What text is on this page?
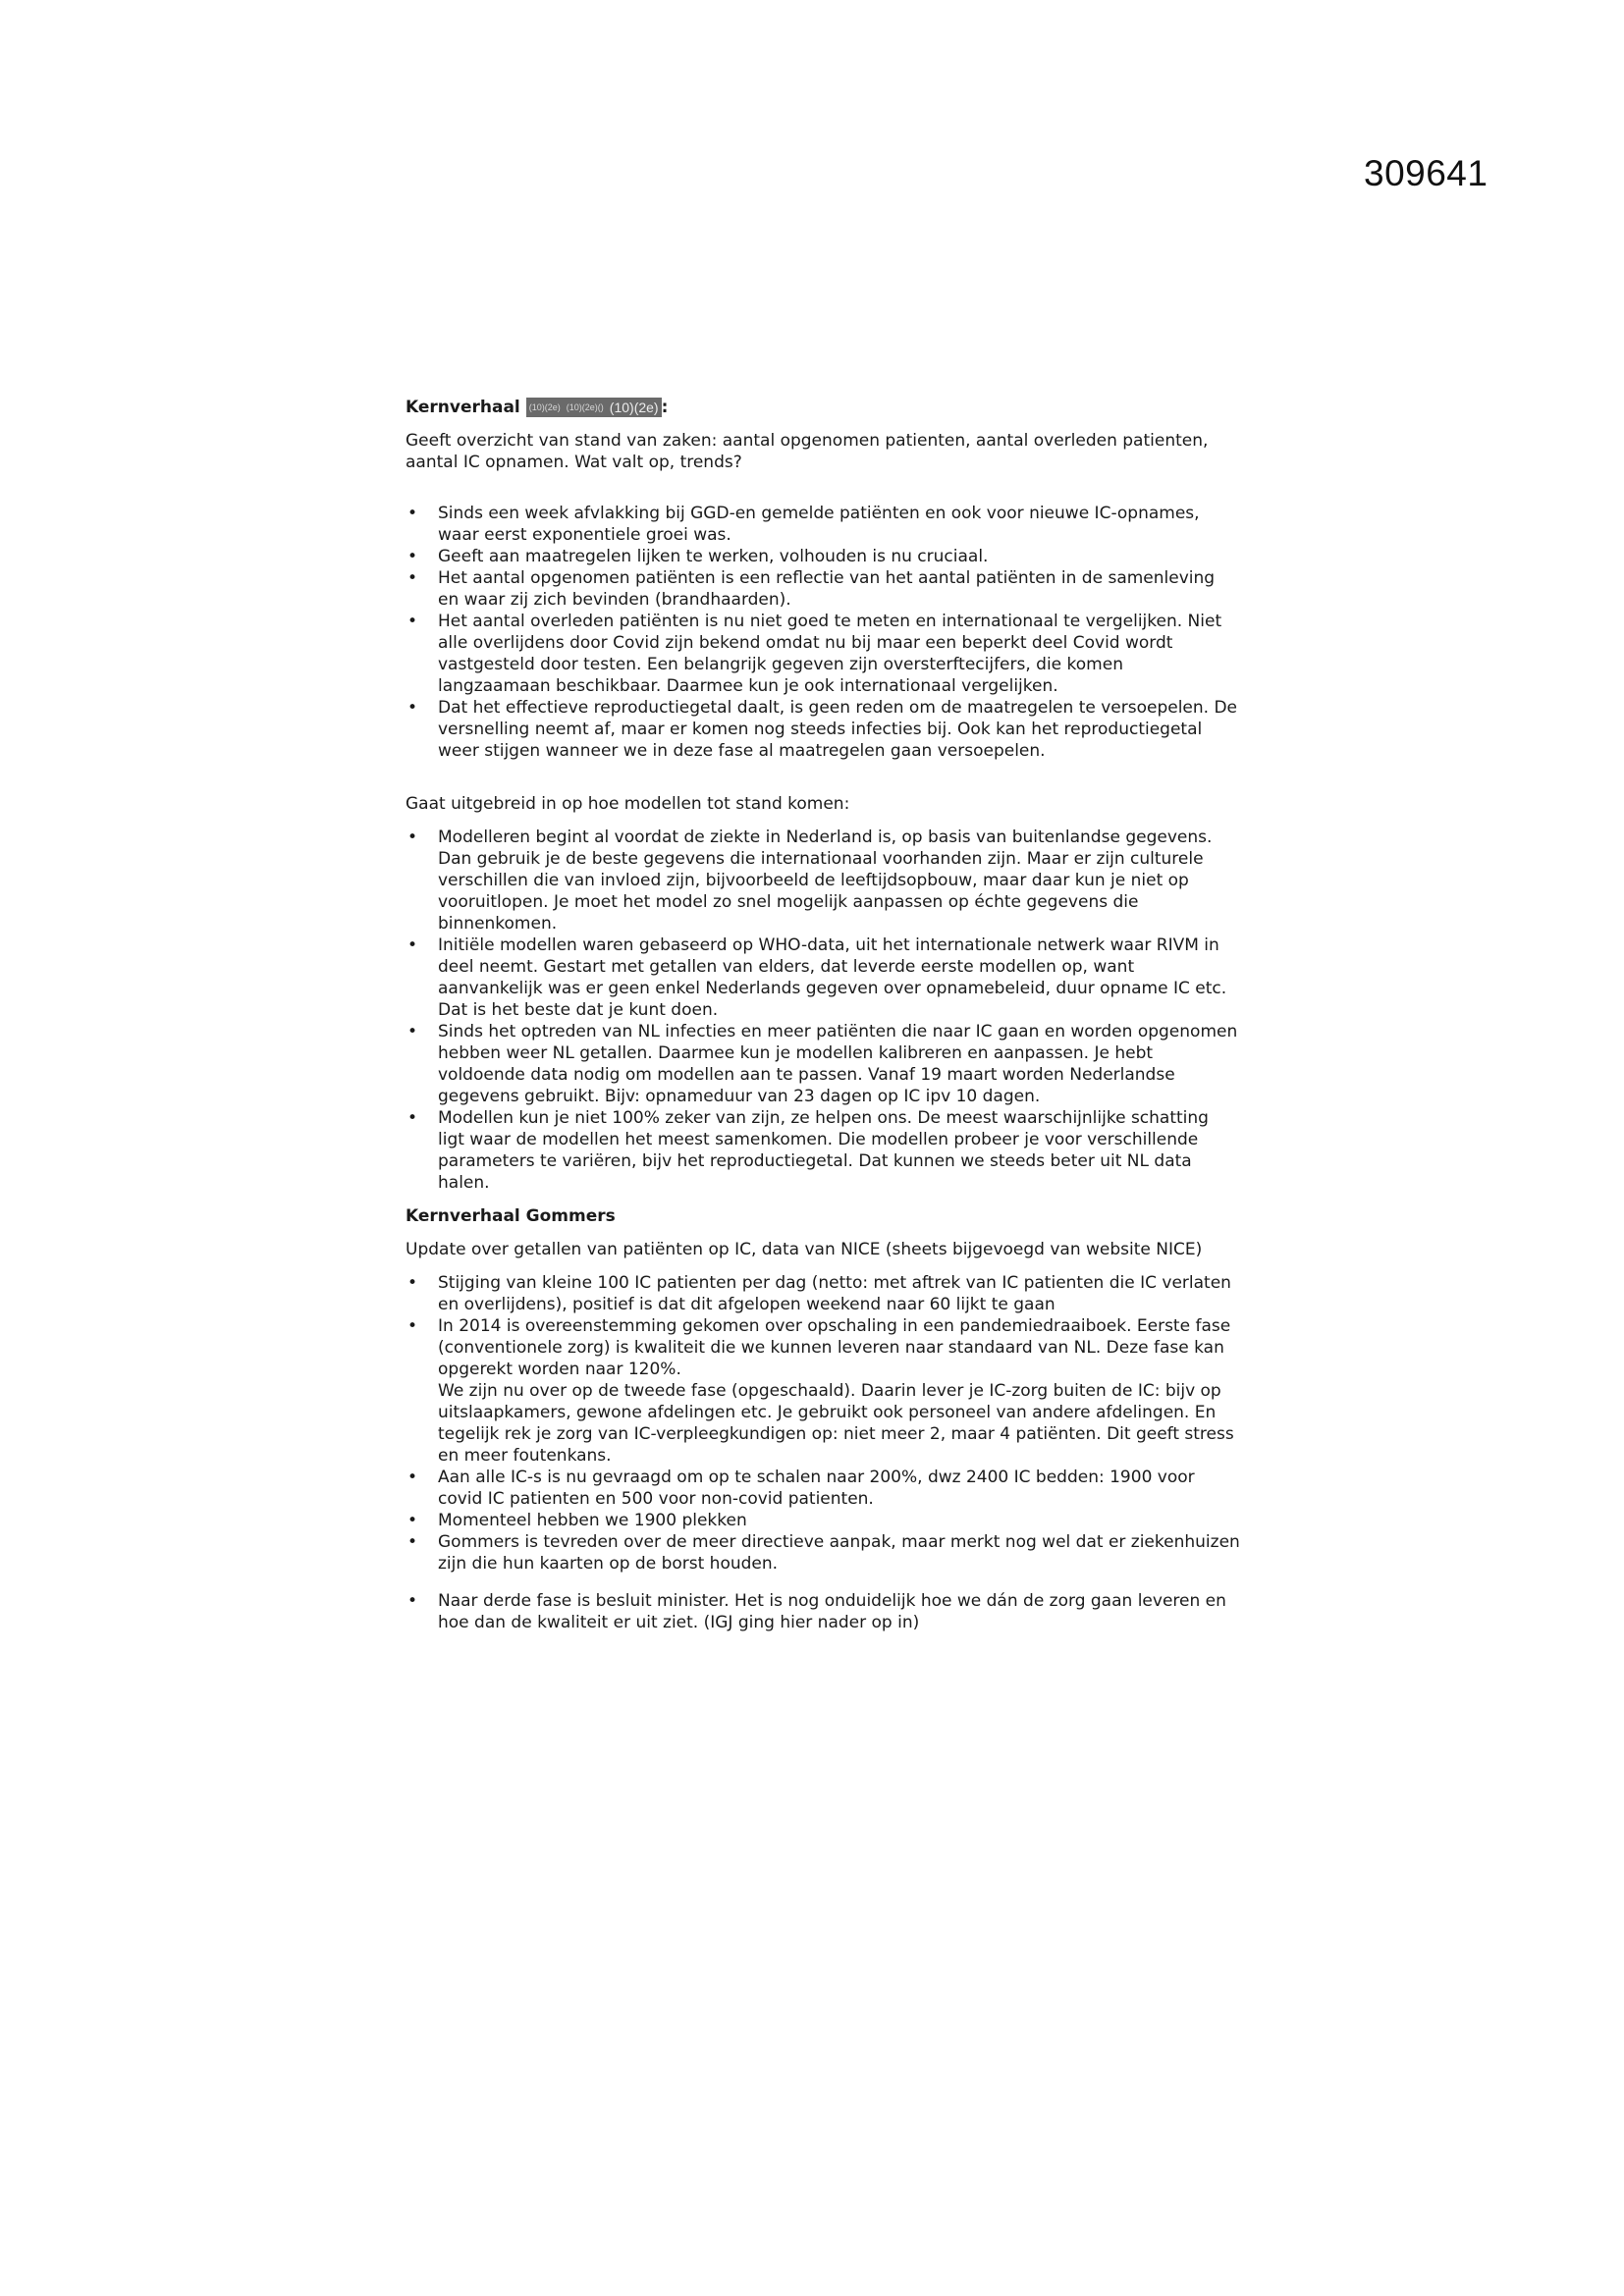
309641

Kernverhaal	(10)(2e) (10)(2e)() (10)(2e) :

Geeft overzicht van stand van zaken: aantal opgenomen patienten, aantal overleden patienten, aantal IC opnamen. Wat valt op, trends?

• Sinds een week afvlakking bij GGD-en gemelde patiënten en ook voor nieuwe IC-opnames, waar eerst exponentiele groei was.
• Geeft aan maatregelen lijken te werken, volhouden is nu cruciaal.
• Het aantal opgenomen patiënten is een reflectie van het aantal patiënten in de samenleving en waar zij zich bevinden (brandhaarden).
• Het aantal overleden patiënten is nu niet goed te meten en internationaal te vergelijken. Niet alle overlijdens door Covid zijn bekend omdat nu bij maar een beperkt deel Covid wordt vastgesteld door testen. Een belangrijk gegeven zijn oversterftecijfers, die komen langzaamaan beschikbaar. Daarmee kun je ook internationaal vergelijken.
• Dat het effectieve reproductiegetal daalt, is geen reden om de maatregelen te versoepelen. De versnelling neemt af, maar er komen nog steeds infecties bij. Ook kan het reproductiegetal weer stijgen wanneer we in deze fase al maatregelen gaan versoepelen.

Gaat uitgebreid in op hoe modellen tot stand komen:

• Modelleren begint al voordat de ziekte in Nederland is, op basis van buitenlandse gegevens. Dan gebruik je de beste gegevens die internationaal voorhanden zijn. Maar er zijn culturele verschillen die van invloed zijn, bijvoorbeeld de leeftijdsopbouw, maar daar kun je niet op vooruitlopen. Je moet het model zo snel mogelijk aanpassen op échte gegevens die binnenkomen.
• Initiële modellen waren gebaseerd op WHO-data, uit het internationale netwerk waar RIVM in deel neemt. Gestart met getallen van elders, dat leverde eerste modellen op, want aanvankelijk was er geen enkel Nederlands gegeven over opnamebeleid, duur opname IC etc. Dat is het beste dat je kunt doen.
• Sinds het optreden van NL infecties en meer patiënten die naar IC gaan en worden opgenomen hebben weer NL getallen. Daarmee kun je modellen kalibreren en aanpassen. Je hebt voldoende data nodig om modellen aan te passen. Vanaf 19 maart worden Nederlandse gegevens gebruikt. Bijv: opnameduur van 23 dagen op IC ipv 10 dagen.
• Modellen kun je niet 100% zeker van zijn, ze helpen ons. De meest waarschijnlijke schatting ligt waar de modellen het meest samenkomen. Die modellen probeer je voor verschillende parameters te variëren, bijv het reproductiegetal. Dat kunnen we steeds beter uit NL data halen.

Kernverhaal Gommers

Update over getallen van patiënten op IC, data van NICE (sheets bijgevoegd van website NICE)

• Stijging van kleine 100 IC patienten per dag (netto: met aftrek van IC patienten die IC verlaten en overlijdens), positief is dat dit afgelopen weekend naar 60 lijkt te gaan
• In 2014 is overeenstemming gekomen over opschaling in een pandemiedraaiboek. Eerste fase (conventionele zorg) is kwaliteit die we kunnen leveren naar standaard van NL. Deze fase kan opgerekt worden naar 120%.
We zijn nu over op de tweede fase (opgeschaald). Daarin lever je IC-zorg buiten de IC: bijv op uitslaapkamers, gewone afdelingen etc. Je gebruikt ook personeel van andere afdelingen. En tegelijk rek je zorg van IC-verpleegkundigen op: niet meer 2, maar 4 patiënten. Dit geeft stress en meer foutenkans.
• Aan alle IC-s is nu gevraagd om op te schalen naar 200%, dwz 2400 IC bedden: 1900 voor covid IC patienten en 500 voor non-covid patienten.
• Momenteel hebben we 1900 plekken
• Gommers is tevreden over de meer directieve aanpak, maar merkt nog wel dat er ziekenhuizen zijn die hun kaarten op de borst houden.
• Naar derde fase is besluit minister. Het is nog onduidelijk hoe we dán de zorg gaan leveren en hoe dan de kwaliteit er uit ziet. (IGJ ging hier nader op in)
